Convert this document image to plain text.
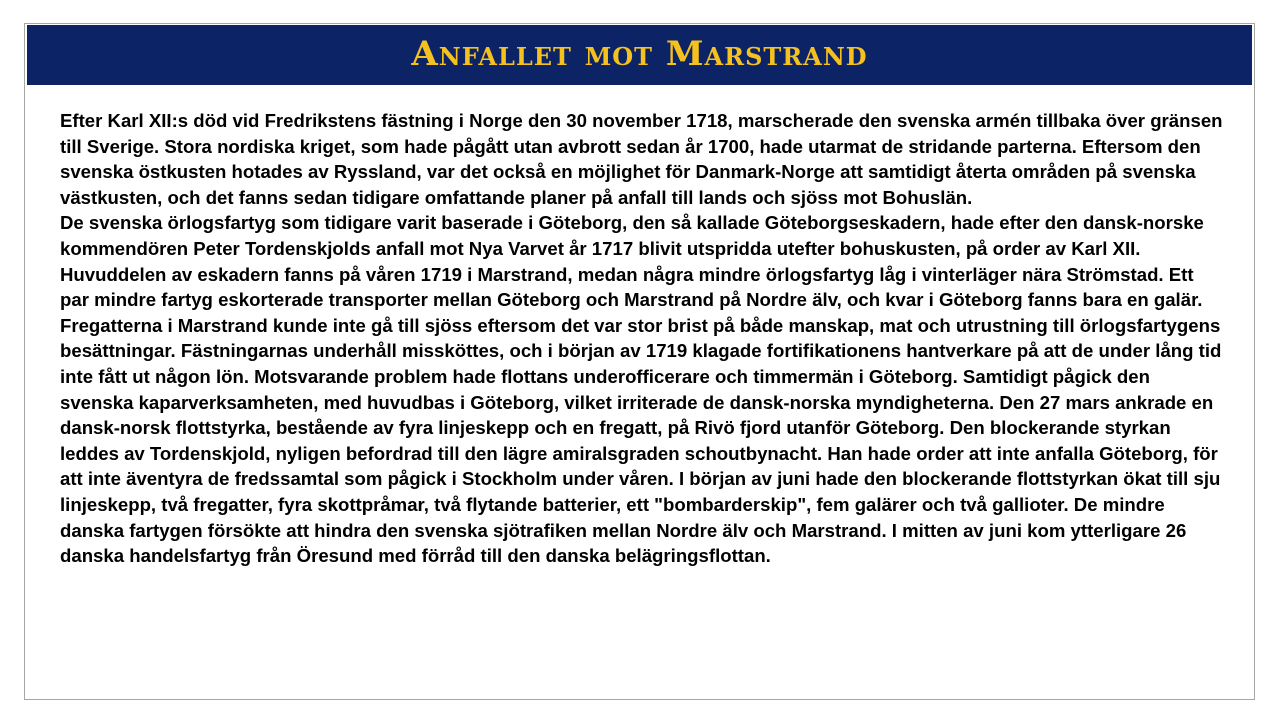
Anfallet mot Marstrand

Efter Karl XII:s död vid Fredrikstens fästning i Norge den 30 november 1718, marscherade den svenska armén tillbaka över gränsen till Sverige. Stora nordiska kriget, som hade pågått utan avbrott sedan år 1700, hade utarmat de stridande parterna. Eftersom den svenska östkusten hotades av Ryssland, var det också en möjlighet för Danmark-Norge att samtidigt återta områden på svenska västkusten, och det fanns sedan tidigare omfattande planer på anfall till lands och sjöss mot Bohuslän.

De svenska örlogsfartyg som tidigare varit baserade i Göteborg, den så kallade Göteborgseskadern, hade efter den dansk-norske kommendören Peter Tordenskjolds anfall mot Nya Varvet år 1717 blivit utspridda utefter bohuskusten, på order av Karl XII. Huvuddelen av eskadern fanns på våren 1719 i Marstrand, medan några mindre örlogsfartyg låg i vinterläger nära Strömstad. Ett par mindre fartyg eskorterade transporter mellan Göteborg och Marstrand på Nordre älv, och kvar i Göteborg fanns bara en galär. Fregatterna i Marstrand kunde inte gå till sjöss eftersom det var stor brist på både manskap, mat och utrustning till örlogsfartygens besättningar. Fästningarnas underhåll missköttes, och i början av 1719 klagade fortifikationens hantverkare på att de under lång tid inte fått ut någon lön. Motsvarande problem hade flottans underofficerare och timmermän i Göteborg. Samtidigt pågick den svenska kaparverksamheten, med huvudbas i Göteborg, vilket irriterade de dansk-norska myndigheterna. Den 27 mars ankrade en dansk-norsk flottstyrka, bestående av fyra linjeskepp och en fregatt, på Rivö fjord utanför Göteborg. Den blockerande styrkan leddes av Tordenskjold, nyligen befordrad till den lägre amiralsgraden schoutbynacht. Han hade order att inte anfalla Göteborg, för att inte äventyra de fredssamtal som pågick i Stockholm under våren. I början av juni hade den blockerande flottstyrkan ökat till sju linjeskepp, två fregatter, fyra skottpråmar, två flytande batterier, ett "bombarderskip", fem galärer och två gallioter. De mindre danska fartygen försökte att hindra den svenska sjötrafiken mellan Nordre älv och Marstrand. I mitten av juni kom ytterligare 26 danska handelsfartyg från Öresund med förråd till den danska belägringsflottan.
